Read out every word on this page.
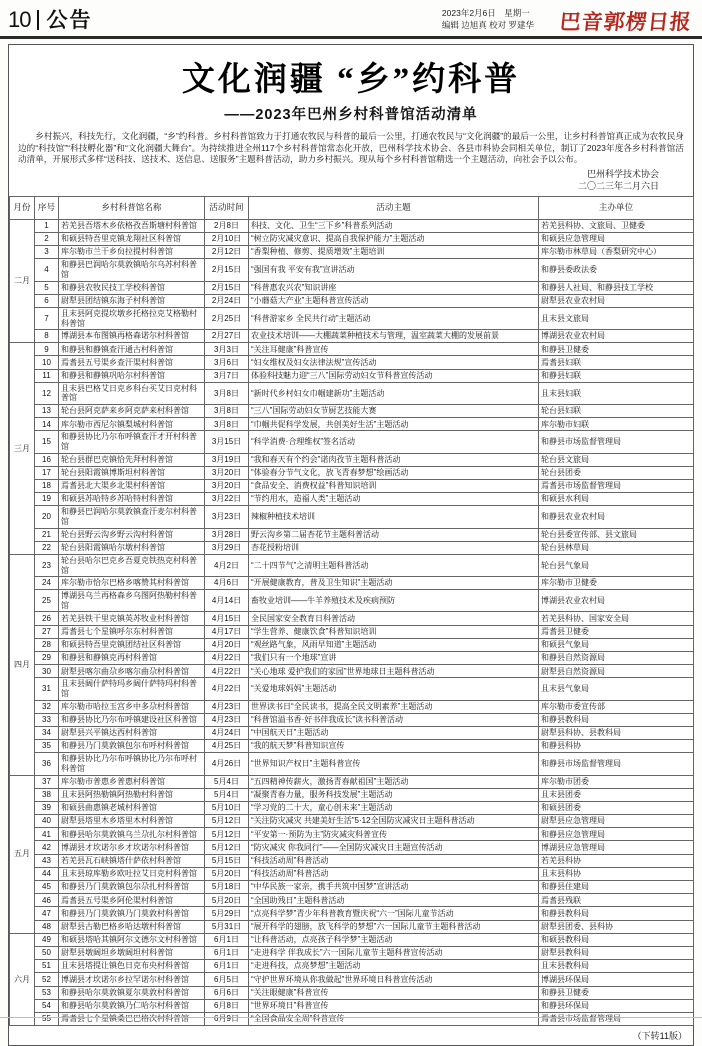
10 公告	2023年2月6日　星期一
编辑 边旭真 校对 罗建华 巴音郭楞日报
文化润疆 “乡”约科普
——2023年巴州乡村科普馆活动清单
　　乡村振兴，科技先行，文化润疆，“乡”约科普。乡村科普馆致力于打通农牧民与科普的最后一公里，打通农牧民与“文化润疆”的最后一公里，让乡村科普馆真正成为农牧民身边的“科技馆”“科技孵化器”和“文化润疆大舞台”。为持续推进全州117个乡村科普馆常态化开放，巴州科学技术协会、各县市科协会同相关单位，制订了2023年度各乡村科普馆活动清单，开展形式多样“送科技、送技术、送信息、送服务”主题科普活动，助力乡村振兴。现从每个乡村科普馆精选一个主题活动，向社会予以公布。
巴州科学技术协会
二〇二三年二月六日
月份	序号	乡村科普馆名称	活动时间	活动主题	主办单位
二月	1	若羌县吾塔木乡依格孜吾斯塘村科普馆	2月8日	科技、文化、卫生“三下乡”科普系列活动	若羌县科协、文旅局、卫健委
	2	和硕县特吾里克镇龙翔社区科普馆	2月10日	“树立防灾减灾意识、提高自我保护能力”主题活动	和硕县应急管理局
	3	库尔勒市兰干乡贠拉提村科普馆	2月12日	“香梨种植、修剪、提质增效”主题培训	库尔勒市林草局（香梨研究中心）
	4	和静县巴润哈尔莫敦镇哈尔乌苏村科普馆	2月15日	“强国有我 平安有我”宣讲活动	和静县委政法委
	5	和静县农牧民技工学校科普馆	2月15日	“科普惠农兴农”知识讲座	和静县人社局、和静县技工学校
	6	尉犁县团结镇东海子村科普馆	2月24日	“小蘑菇大产业”主题科普宣传活动	尉犁县农业农村局
	7	且末县阿克提坎墩乡托格拉克艾格勒村科普馆	2月25日	“科普游家乡 全民共行动”主题活动	且末县文旅局
	8	博湖县本布图镇再格森诺尔村科普馆	2月27日	农业技术培训——大棚蔬菜种植技术与管理，温室蔬菜大棚的发展前景	博湖县农业农村局
三月	9	和静县和静镇查汗通古村科普馆	3月3日	“关注耳健康”科普宣传	和静县卫健委
	10	焉耆县五号渠乡查汗渠村科普馆	3月6日	“妇女维权及妇女法律法规”宣传活动	焉耆县妇联
	11	和静县和静镇巩哈尔村科普馆	3月7日	体验科技魅力迎“三八”国际劳动妇女节科普宣传活动	和静县妇联
	12	且末县巴格艾日克乡科台买艾日克村科普馆	3月8日	“新时代乡村妇女巾帼建新功”主题活动	且末县妇联
	13	轮台县阿克萨来乡阿克萨来村科普馆	3月8日	“三八”国际劳动妇女节厨艺技能大赛	轮台县妇联
	14	库尔勒市西尼尔镇梨城村科普馆	3月8日	“巾帼共促科学发展，共创美好生活”主题活动	库尔勒市妇联
	15	和静县协比乃尔布呼镇查汗才开村科普馆	3月15日	“科学消费·合理维权”签名活动	和静县市场监督管理局
	16	轮台县群巴克镇恰先拜村科普馆	3月19日	“我和春天有个约会”诺肉孜节主题科普活动	轮台县文旅局
	17	轮台县阳霞镇博斯坦村科普馆	3月20日	“体验春分节气文化，放飞青春梦想”绘画活动	轮台县团委
	18	焉耆县北大渠乡北渠村科普馆	3月20日	“食品安全、消费权益”科普知识培训	焉耆县市场监督管理局
	19	和硕县苏哈特乡苏哈特村科普馆	3月22日	“节约用水，造福人类”主题活动	和硕县水利局
	20	和静县巴润哈尔莫敦镇查汗麦尔村科普馆	3月23日	辣椒种植技术培训	和静县农业农村局
	21	轮台县野云沟乡野云沟村科普馆	3月28日	野云沟乡第二届杏花节主题科普活动	轮台县委宣传部、县文旅局
	22	轮台县阳霞镇哈尔墩村科普馆	3月29日	杏花授粉培训	轮台县林草局
四月	23	轮台县哈尔巴克乡吾夏克铁热克村科普馆	4月2日	“二十四节气”之清明主题科普活动	轮台县气象局
	24	库尔勒市恰尔巴格乡喀赞其村科普馆	4月6日	“开展健康教育，普及卫生知识”主题活动	库尔勒市卫健委
	25	博湖县乌兰再格森乡乌图阿热勒村科普馆	4月14日	畜牧业培训——牛羊养殖技术及疾病预防	博湖县农业农村局
	26	若羌县铁干里克镇英苏牧业村科普馆	4月15日	全民国家安全教育日科普活动	若羌县科协、国家安全局
	27	焉耆县七个星镇呼尔东村科普馆	4月17日	“学生营养、健康饮食”科普知识培训	焉耆县卫健委
	28	和硕县特吾里克镇团结社区科普馆	4月20日	“观丝路气象，风雨早知道”主题活动	和硕县气象局
	29	和静县和静镇克再村科普馆	4月22日	“我们只有一个地球”宣讲	和静县自然资源局
	30	尉犁县喀尔曲尕乡喀尔曲尕村科普馆	4月22日	“关心地球 爱护我们的家园”世界地球日主题科普活动	尉犁县自然资源局
	31	且末县阔什萨特玛乡阔什萨特玛村科普馆	4月22日	“关爱地球妈妈”主题活动	且末县气象局
	32	库尔勒市哈拉玉宫乡中多尕村科普馆	4月23日	世界读书日“全民读书，提高全民文明素养”主题活动	库尔勒市委宣传部
	33	和静县协比乃尔布呼镇建设社区科普馆	4月23日	“科普馆溢书香·好书伴我成长”读书科普活动	和静县教科局
	34	尉犁县兴平镇达西村科普馆	4月24日	“中国航天日”主题活动	尉犁县科协、县教科局
	35	和静县乃门莫敦镇包尔布呼村科普馆	4月25日	“我的航天梦”科普知识宣传	和静县科协
	36	和静县协比乃尔布呼镇协比乃尔布呼村科普馆	4月26日	“世界知识产权日”主题科普宣传	和静县市场监督管理局
五月	37	库尔勒市普惠乡普惠村科普馆	5月4日	“五四精神传薪火，激扬青春献祖国”主题活动	库尔勒市团委
	38	且末县阿热勒镇阿热勒村科普馆	5月4日	“凝聚青春力量，服务科技发展”主题活动	且末县团委
	39	和硕县曲惠镇老城村科普馆	5月10日	“学习党的二十大，童心创未来”主题活动	和硕县团委
	40	尉犁县塔里木乡塔里木村科普馆	5月12日	“关注防灾减灾 共建美好生活”5·12全国防灾减灾日主题科普活动	尉犁县应急管理局
	41	和静县哈尔莫敦镇乌兰尕扎尔村科普馆	5月12日	“平安第一·预防为主”防灾减灾科普宣传	和静县应急管理局
	42	博湖县才坎诺尔乡才坎诺尔村科普馆	5月12日	“防灾减灾 你我同行”——全国防灾减灾日主题宣传活动	博湖县应急管理局
	43	若羌县瓦石峡镇塔什萨依村科普馆	5月15日	“科技活动周”科普活动	若羌县科协
	44	且末县琼库勒乡欧吐拉艾日克村科普馆	5月20日	“科技活动周”科普活动	且末县科协
	45	和静县乃门莫敦镇包尔尕扎村科普馆	5月18日	“中华民族一家亲，携手共筑中国梦”宣讲活动	和静县住建局
	46	焉耆县五号渠乡阿伦渠村科普馆	5月20日	“全国助残日”主题科普活动	焉耆县残联
	47	和静县乃门莫敦镇乃门莫敦村科普馆	5月29日	“点亮科学梦”青少年科普教育暨庆祝“六一”国际儿童节活动	和静县教科局
	48	尉犁县古勒巴格乡哈达墩村科普馆	5月31日	“展开科学的翅膀，放飞科学的梦想”六一国际儿童节主题科普活动	尉犁县团委、县科协
六月	49	和硕县塔哈其镇阿尔文德尔文村科普馆	6月1日	“让科普活动，点亮孩子科学梦”主题活动	和硕县教科局
	50	尉犁县墩阔坦乡墩阔坦村科普馆	6月1日	“走进科学 伴我成长”六一国际儿童节主题科普宣传活动	尉犁县教科局
	51	且末县塔提让镇色日克布央村科普馆	6月1日	“走进科技，点亮梦想”主题活动	且末县教科局
	52	博湖县才坎诺尔乡拉罕诺尔村科普馆	6月5日	“守护世界环境从你我做起”世界环境日科普宣传活动	博湖县环保局
	53	和静县哈尔莫敦镇夏尔莫敦村科普馆	6月6日	“关注眼健康”科普宣传	和静县卫健委
	54	和静县哈尔莫敦镇乃仁哈尔村科普馆	6月8日	“世界环境日”科普宣传	和静县环保局
	55	焉耆县七个星镇桑巴巴格次村科普馆	6月9日	“全国食品安全周”科普宣传	焉耆县市场监督管理局
（下转11版）
